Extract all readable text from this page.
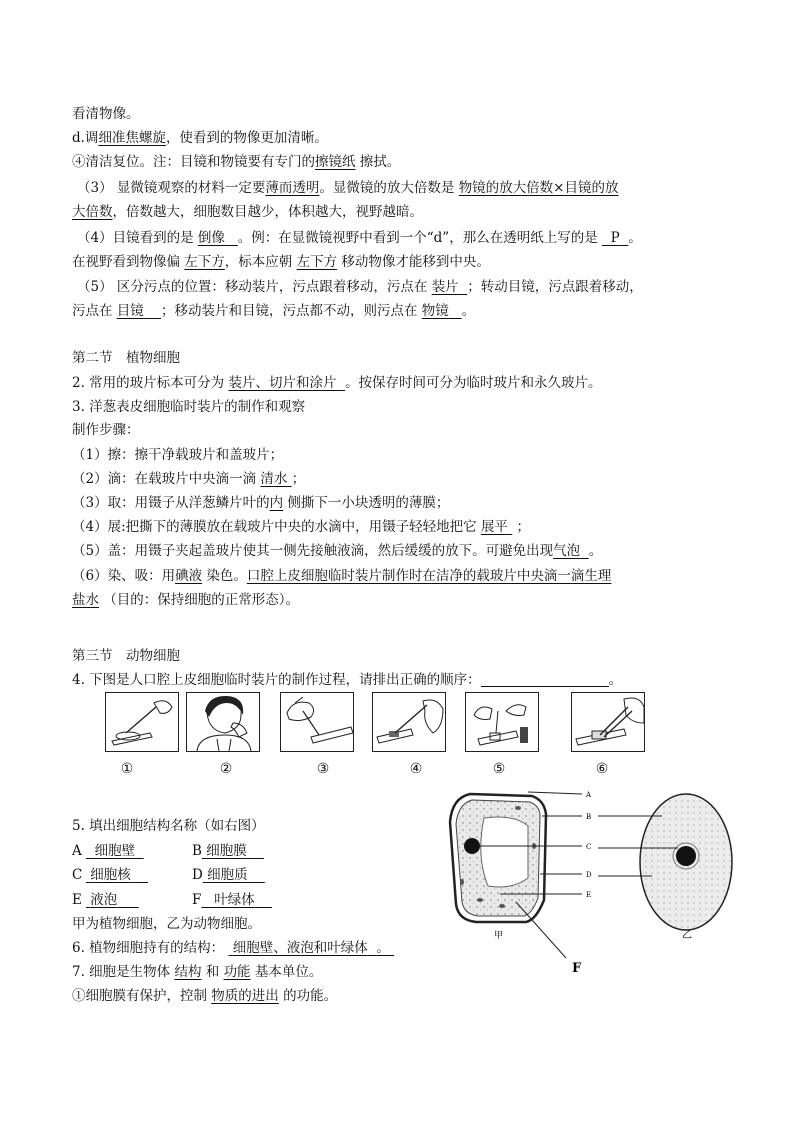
看清物像。
d.调细准焦螺旋，使看到的物像更加清晰。
④清洁复位。注：目镜和物镜要有专门的擦镜纸 擦拭。
（3） 显微镜观察的材料一定要薄而透明。显微镜的放大倍数是 物镜的放大倍数×目镜的放
大倍数，倍数越大，细胞数目越少，体积越大，视野越暗。
（4）目镜看到的是 倒像 。例：在显微镜视野中看到一个“d”，那么在透明纸上写的是 P 。
在视野看到物像偏 左下方，标本应朝 左下方 移动物像才能移到中央。
（5） 区分污点的位置：移动装片，污点跟着移动，污点在 装片 ；转动目镜，污点跟着移动，
污点在 目镜 ；移动装片和目镜，污点都不动，则污点在 物镜 。
第二节　植物细胞
2. 常用的玻片标本可分为 装片、切片和涂片 。按保存时间可分为临时玻片和永久玻片。
3. 洋葱表皮细胞临时装片的制作和观察
制作步骤：
（1）擦：擦干净载玻片和盖玻片；
（2）滴：在载玻片中央滴一滴 清水 ；
（3）取：用镊子从洋葱鳞片叶的内 侧撕下一小块透明的薄膜；
（4）展:把撕下的薄膜放在载玻片中央的水滴中，用镊子轻轻地把它 展平 ；
（5）盖：用镊子夹起盖玻片使其一侧先接触液滴，然后缓缓的放下。可避免出现气泡 。
（6）染、吸：用碘液 染色。口腔上皮细胞临时装片制作时在洁净的载玻片中央滴一滴生理
盐水 （目的：保持细胞的正常形态）。
第三节　动物细胞
4. 下图是人口腔上皮细胞临时装片的制作过程，请排出正确的顺序：	。
①	②	③	④	⑤	⑥
5. 填出细胞结构名称（如右图）
A 细胞壁	B 细胞膜
C 细胞核	D 细胞质
E 液泡	F 叶绿体
甲为植物细胞，乙为动物细胞。
6. 植物细胞持有的结构： 细胞壁、液泡和叶绿体 。
7. 细胞是生物体 结构 和 功能 基本单位。
①细胞膜有保护，控制 物质的进出 的功能。
A
B
C
D
E
甲	乙
F
